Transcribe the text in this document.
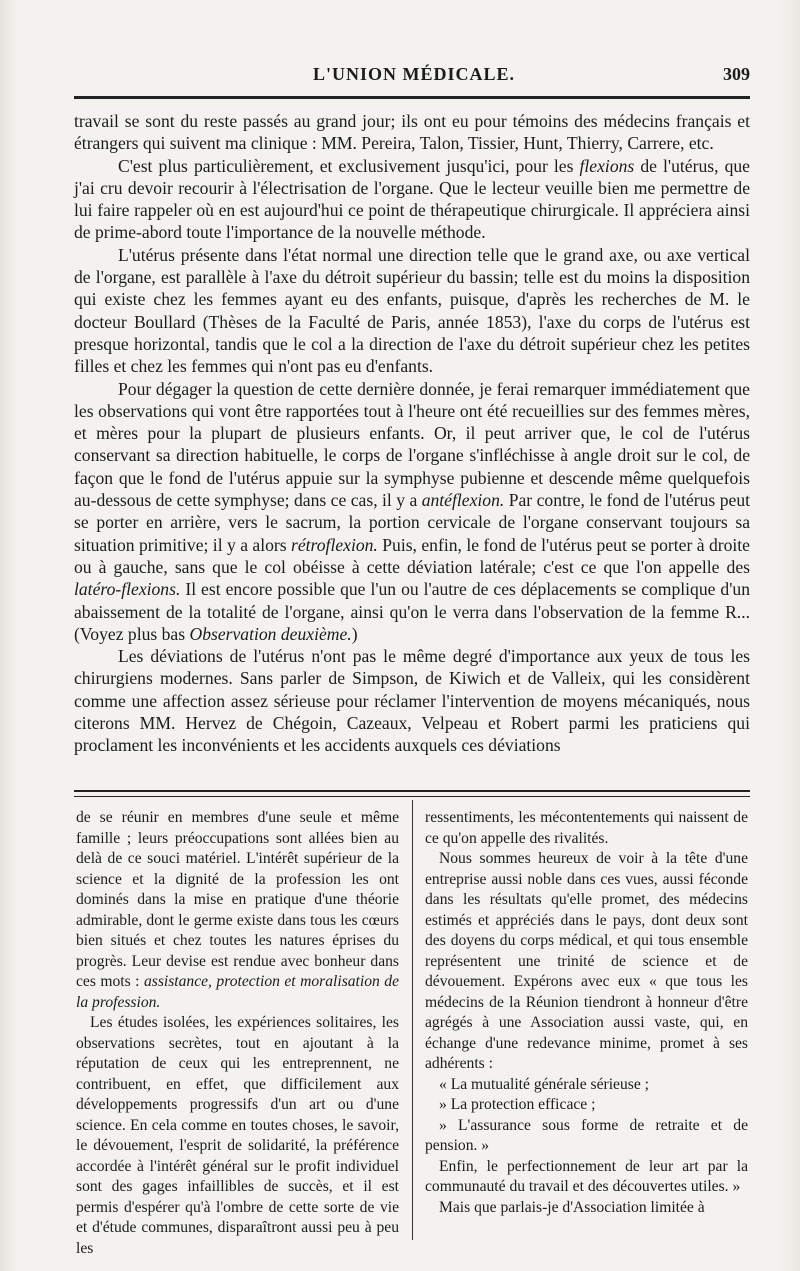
L'UNION MÉDICALE.	309

travail se sont du reste passés au grand jour; ils ont eu pour témoins des médecins français et étrangers qui suivent ma clinique : MM. Pereira, Talon, Tissier, Hunt, Thierry, Carrere, etc.

C'est plus particulièrement, et exclusivement jusqu'ici, pour les flexions de l'utérus, que j'ai cru devoir recourir à l'électrisation de l'organe. Que le lecteur veuille bien me permettre de lui faire rappeler où en est aujourd'hui ce point de thérapeutique chirurgicale. Il appréciera ainsi de prime-abord toute l'importance de la nouvelle méthode.

L'utérus présente dans l'état normal une direction telle que le grand axe, ou axe vertical de l'organe, est parallèle à l'axe du détroit supérieur du bassin; telle est du moins la disposition qui existe chez les femmes ayant eu des enfants, puisque, d'après les recherches de M. le docteur Boullard (Thèses de la Faculté de Paris, année 1853), l'axe du corps de l'utérus est presque horizontal, tandis que le col a la direction de l'axe du détroit supérieur chez les petites filles et chez les femmes qui n'ont pas eu d'enfants.

Pour dégager la question de cette dernière donnée, je ferai remarquer immédiatement que les observations qui vont être rapportées tout à l'heure ont été recueillies sur des femmes mères, et mères pour la plupart de plusieurs enfants. Or, il peut arriver que, le col de l'utérus conservant sa direction habituelle, le corps de l'organe s'infléchisse à angle droit sur le col, de façon que le fond de l'utérus appuie sur la symphyse pubienne et descende même quelquefois au-dessous de cette symphyse; dans ce cas, il y a antéflexion. Par contre, le fond de l'utérus peut se porter en arrière, vers le sacrum, la portion cervicale de l'organe conservant toujours sa situation primitive; il y a alors rétroflexion. Puis, enfin, le fond de l'utérus peut se porter à droite ou à gauche, sans que le col obéisse à cette déviation latérale; c'est ce que l'on appelle des latéro-flexions. Il est encore possible que l'un ou l'autre de ces déplacements se complique d'un abaissement de la totalité de l'organe, ainsi qu'on le verra dans l'observation de la femme R... (Voyez plus bas Observation deuxième.)

Les déviations de l'utérus n'ont pas le même degré d'importance aux yeux de tous les chirurgiens modernes. Sans parler de Simpson, de Kiwich et de Valleix, qui les considèrent comme une affection assez sérieuse pour réclamer l'intervention de moyens mécaniqués, nous citerons MM. Hervez de Chégoin, Cazeaux, Velpeau et Robert parmi les praticiens qui proclament les inconvénients et les accidents auxquels ces déviations

de se réunir en membres d'une seule et même famille ; leurs préoccupations sont allées bien au delà de ce souci matériel. L'intérêt supérieur de la science et la dignité de la profession les ont dominés dans la mise en pratique d'une théorie admirable, dont le germe existe dans tous les cœurs bien situés et chez toutes les natures éprises du progrès. Leur devise est rendue avec bonheur dans ces mots : assistance, protection et moralisation de la profession.

Les études isolées, les expériences solitaires, les observations secrètes, tout en ajoutant à la réputation de ceux qui les entreprennent, ne contribuent, en effet, que difficilement aux développements progressifs d'un art ou d'une science. En cela comme en toutes choses, le savoir, le dévouement, l'esprit de solidarité, la préférence accordée à l'intérêt général sur le profit individuel sont des gages infaillibles de succès, et il est permis d'espérer qu'à l'ombre de cette sorte de vie et d'étude communes, disparaîtront aussi peu à peu les

ressentiments, les mécontentements qui naissent de ce qu'on appelle des rivalités.

Nous sommes heureux de voir à la tête d'une entreprise aussi noble dans ces vues, aussi féconde dans les résultats qu'elle promet, des médecins estimés et appréciés dans le pays, dont deux sont des doyens du corps médical, et qui tous ensemble représentent une trinité de science et de dévouement. Expérons avec eux « que tous les médecins de la Réunion tiendront à honneur d'être agrégés à une Association aussi vaste, qui, en échange d'une redevance minime, promet à ses adhérents :

« La mutualité générale sérieuse ;

» La protection efficace ;

» L'assurance sous forme de retraite et de pension. »

Enfin, le perfectionnement de leur art par la communauté du travail et des découvertes utiles. »

Mais que parlais-je d'Association limitée à
